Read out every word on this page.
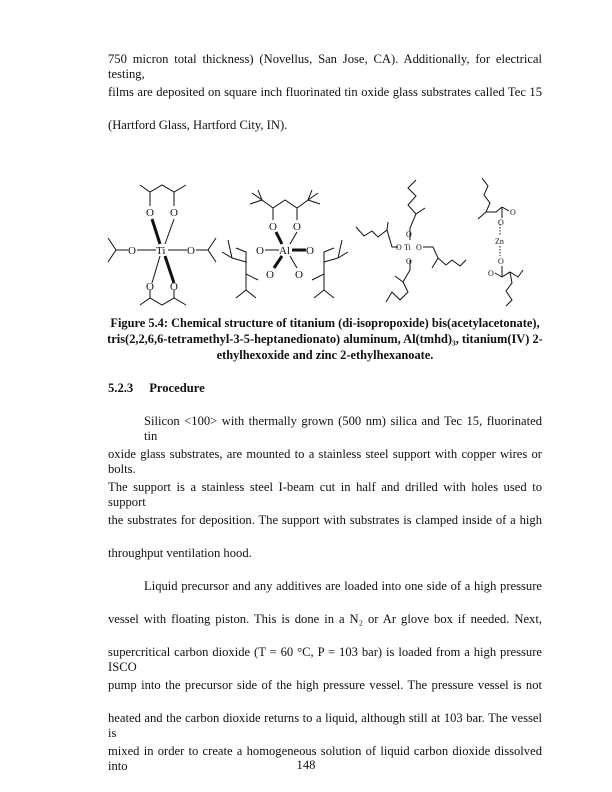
750 micron total thickness) (Novellus, San Jose, CA). Additionally, for electrical testing,
films are deposited on square inch fluorinated tin oxide glass substrates called Tec 15
(Hartford Glass, Hartford City, IN).
O O
O O
O	O
Ti
O O
O	O
O O
Al
O
O O
O
Ti
O
O
Zn
O
O
Figure 5.4: Chemical structure of titanium (di-isopropoxide) bis(acetylacetonate),
tris(2,2,6,6-tetramethyl-3-5-heptanedionato) aluminum, Al(tmhd)₃, titanium(IV) 2-
ethylhexoxide and zinc 2-ethylhexanoate.
5.2.3 Procedure
Silicon <100> with thermally grown (500 nm) silica and Tec 15, fluorinated tin
oxide glass substrates, are mounted to a stainless steel support with copper wires or bolts.
The support is a stainless steel I-beam cut in half and drilled with holes used to support
the substrates for deposition. The support with substrates is clamped inside of a high
throughput ventilation hood.
Liquid precursor and any additives are loaded into one side of a high pressure
vessel with floating piston. This is done in a N₂ or Ar glove box if needed. Next,
supercritical carbon dioxide (T = 60 °C, P = 103 bar) is loaded from a high pressure ISCO
pump into the precursor side of the high pressure vessel. The pressure vessel is not
heated and the carbon dioxide returns to a liquid, although still at 103 bar. The vessel is
mixed in order to create a homogeneous solution of liquid carbon dioxide dissolved into	148
